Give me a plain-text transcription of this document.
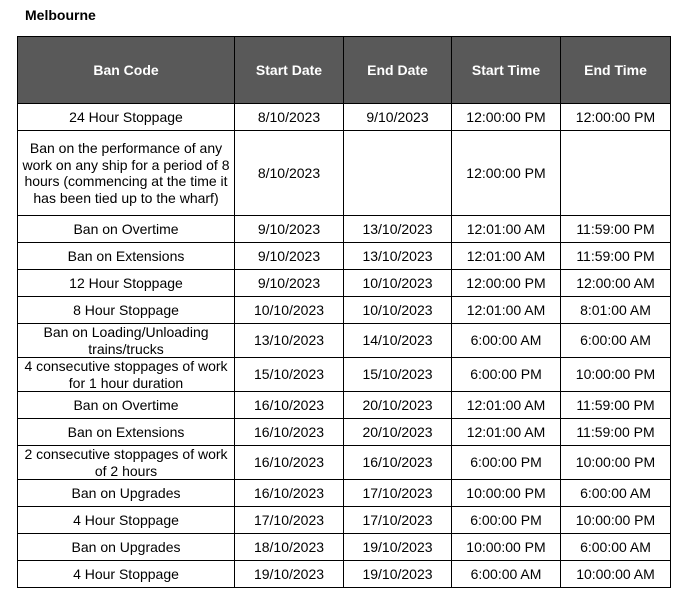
Melbourne
Ban Code	Start Date	End Date	Start Time	End Time
24 Hour Stoppage	8/10/2023	9/10/2023	12:00:00 PM	12:00:00 PM
Ban on the performance of any work on any ship for a period of 8 hours (commencing at the time it has been tied up to the wharf)	8/10/2023		12:00:00 PM	
Ban on Overtime	9/10/2023	13/10/2023	12:01:00 AM	11:59:00 PM
Ban on Extensions	9/10/2023	13/10/2023	12:01:00 AM	11:59:00 PM
12 Hour Stoppage	9/10/2023	10/10/2023	12:00:00 PM	12:00:00 AM
8 Hour Stoppage	10/10/2023	10/10/2023	12:01:00 AM	8:01:00 AM
Ban on Loading/Unloading trains/trucks	13/10/2023	14/10/2023	6:00:00 AM	6:00:00 AM
4 consecutive stoppages of work for 1 hour duration	15/10/2023	15/10/2023	6:00:00 PM	10:00:00 PM
Ban on Overtime	16/10/2023	20/10/2023	12:01:00 AM	11:59:00 PM
Ban on Extensions	16/10/2023	20/10/2023	12:01:00 AM	11:59:00 PM
2 consecutive stoppages of work of 2 hours	16/10/2023	16/10/2023	6:00:00 PM	10:00:00 PM
Ban on Upgrades	16/10/2023	17/10/2023	10:00:00 PM	6:00:00 AM
4 Hour Stoppage	17/10/2023	17/10/2023	6:00:00 PM	10:00:00 PM
Ban on Upgrades	18/10/2023	19/10/2023	10:00:00 PM	6:00:00 AM
4 Hour Stoppage	19/10/2023	19/10/2023	6:00:00 AM	10:00:00 AM
